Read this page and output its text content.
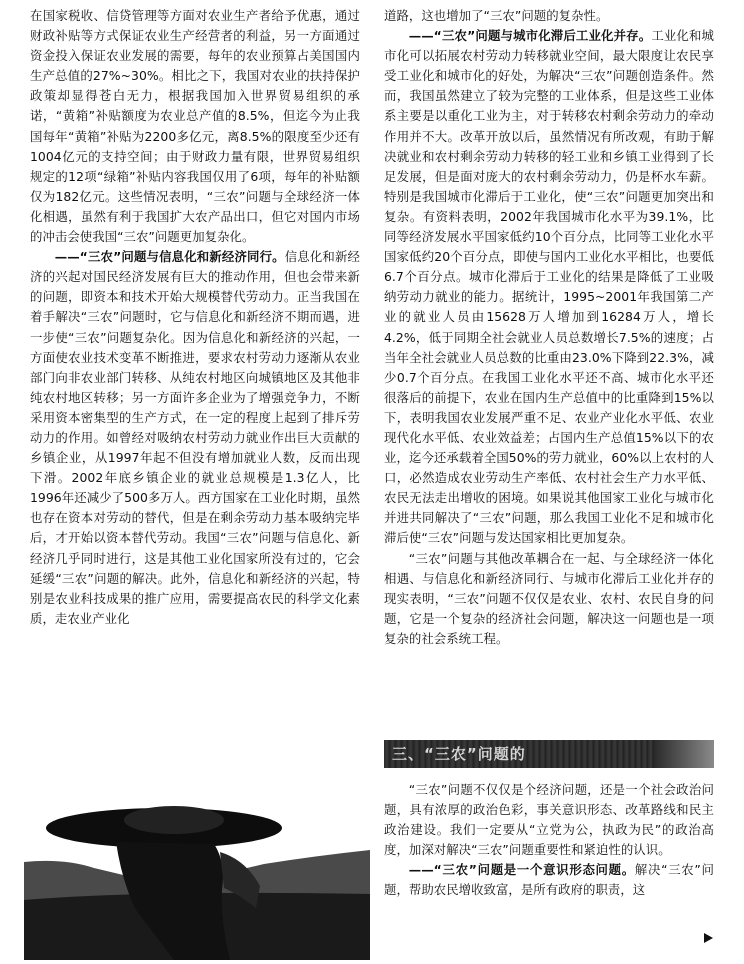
在国家税收、信贷管理等方面对农业生产者给予优惠，通过财政补贴等方式保证农业生产经营者的利益，另一方面通过资金投入保证农业发展的需要，每年的农业预算占美国国内生产总值的27%~30%。相比之下，我国对农业的扶持保护政策却显得苍白无力，根据我国加入世界贸易组织的承诺，“黄箱”补贴额度为农业总产值的8.5%，但迄今为止我国每年“黄箱”补贴为2200多亿元，离8.5%的限度至少还有1004亿元的支持空间；由于财政力量有限，世界贸易组织规定的12项“绿箱”补贴内容我国仅用了6项，每年的补贴额仅为182亿元。这些情况表明，“三农”问题与全球经济一体化相遇，虽然有利于我国扩大农产品出口，但它对国内市场的冲击会使我国“三农”问题更加复杂化。

——“三农”问题与信息化和新经济同行。信息化和新经济的兴起对国民经济发展有巨大的推动作用，但也会带来新的问题，即资本和技术开始大规模替代劳动力。正当我国在着手解决“三农”问题时，它与信息化和新经济不期而遇，进一步使“三农”问题复杂化。因为信息化和新经济的兴起，一方面使农业技术变革不断推进，要求农村劳动力逐渐从农业部门向非农业部门转移、从纯农村地区向城镇地区及其他非纯农村地区转移；另一方面许多企业为了增强竞争力，不断采用资本密集型的生产方式，在一定的程度上起到了排斥劳动力的作用。如曾经对吸纳农村劳动力就业作出巨大贡献的乡镇企业，从1997年起不但没有增加就业人数，反而出现下滑。2002年底乡镇企业的就业总规模是1.3亿人，比1996年还减少了500多万人。西方国家在工业化时期，虽然也存在资本对劳动的替代，但是在剩余劳动力基本吸纳完毕后，才开始以资本替代劳动。我国“三农”问题与信息化、新经济几乎同时进行，这是其他工业化国家所没有过的，它会延缓“三农”问题的解决。此外，信息化和新经济的兴起，特别是农业科技成果的推广应用，需要提高农民的科学文化素质，走农业产业化

道路，这也增加了“三农”问题的复杂性。

——“三农”问题与城市化滞后工业化并存。工业化和城市化可以拓展农村劳动力转移就业空间，最大限度让农民享受工业化和城市化的好处，为解决“三农”问题创造条件。然而，我国虽然建立了较为完整的工业体系，但是这些工业体系主要是以重化工业为主，对于转移农村剩余劳动力的牵动作用并不大。改革开放以后，虽然情况有所改观，有助于解决就业和农村剩余劳动力转移的轻工业和乡镇工业得到了长足发展，但是面对庞大的农村剩余劳动力，仍是杯水车薪。特别是我国城市化滞后于工业化，使“三农”问题更加突出和复杂。有资料表明，2002年我国城市化水平为39.1%，比同等经济发展水平国家低约10个百分点，比同等工业化水平国家低约20个百分点，即使与国内工业化水平相比，也要低6.7个百分点。城市化滞后于工业化的结果是降低了工业吸纳劳动力就业的能力。据统计，1995~2001年我国第二产业的就业人员由15628万人增加到16284万人，增长4.2%，低于同期全社会就业人员总数增长7.5%的速度；占当年全社会就业人员总数的比重由23.0%下降到22.3%，减少0.7个百分点。在我国工业化水平还不高、城市化水平还很落后的前提下，农业在国内生产总值中的比重降到15%以下，表明我国农业发展严重不足、农业产业化水平低、农业现代化水平低、农业效益差；占国内生产总值15%以下的农业，迄今还承载着全国50%的劳力就业，60%以上农村的人口，必然造成农业劳动生产率低、农村社会生产力水平低、农民无法走出增收的困境。如果说其他国家工业化与城市化并进共同解决了“三农”问题，那么我国工业化不足和城市化滞后使“三农”问题与发达国家相比更加复杂。

“三农”问题与其他改革耦合在一起、与全球经济一体化相遇、与信息化和新经济同行、与城市化滞后工业化并存的现实表明，“三农”问题不仅仅是农业、农村、农民自身的问题，它是一个复杂的经济社会问题，解决这一问题也是一项复杂的社会系统工程。

三、“三农”问题的

“三农”问题不仅仅是个经济问题，还是一个社会政治问题，具有浓厚的政治色彩，事关意识形态、改革路线和民主政治建设。我们一定要从“立党为公，执政为民”的政治高度，加深对解决“三农”问题重要性和紧迫性的认识。

——“三农”问题是一个意识形态问题。解决“三农”问题，帮助农民增收致富，是所有政府的职责，这
